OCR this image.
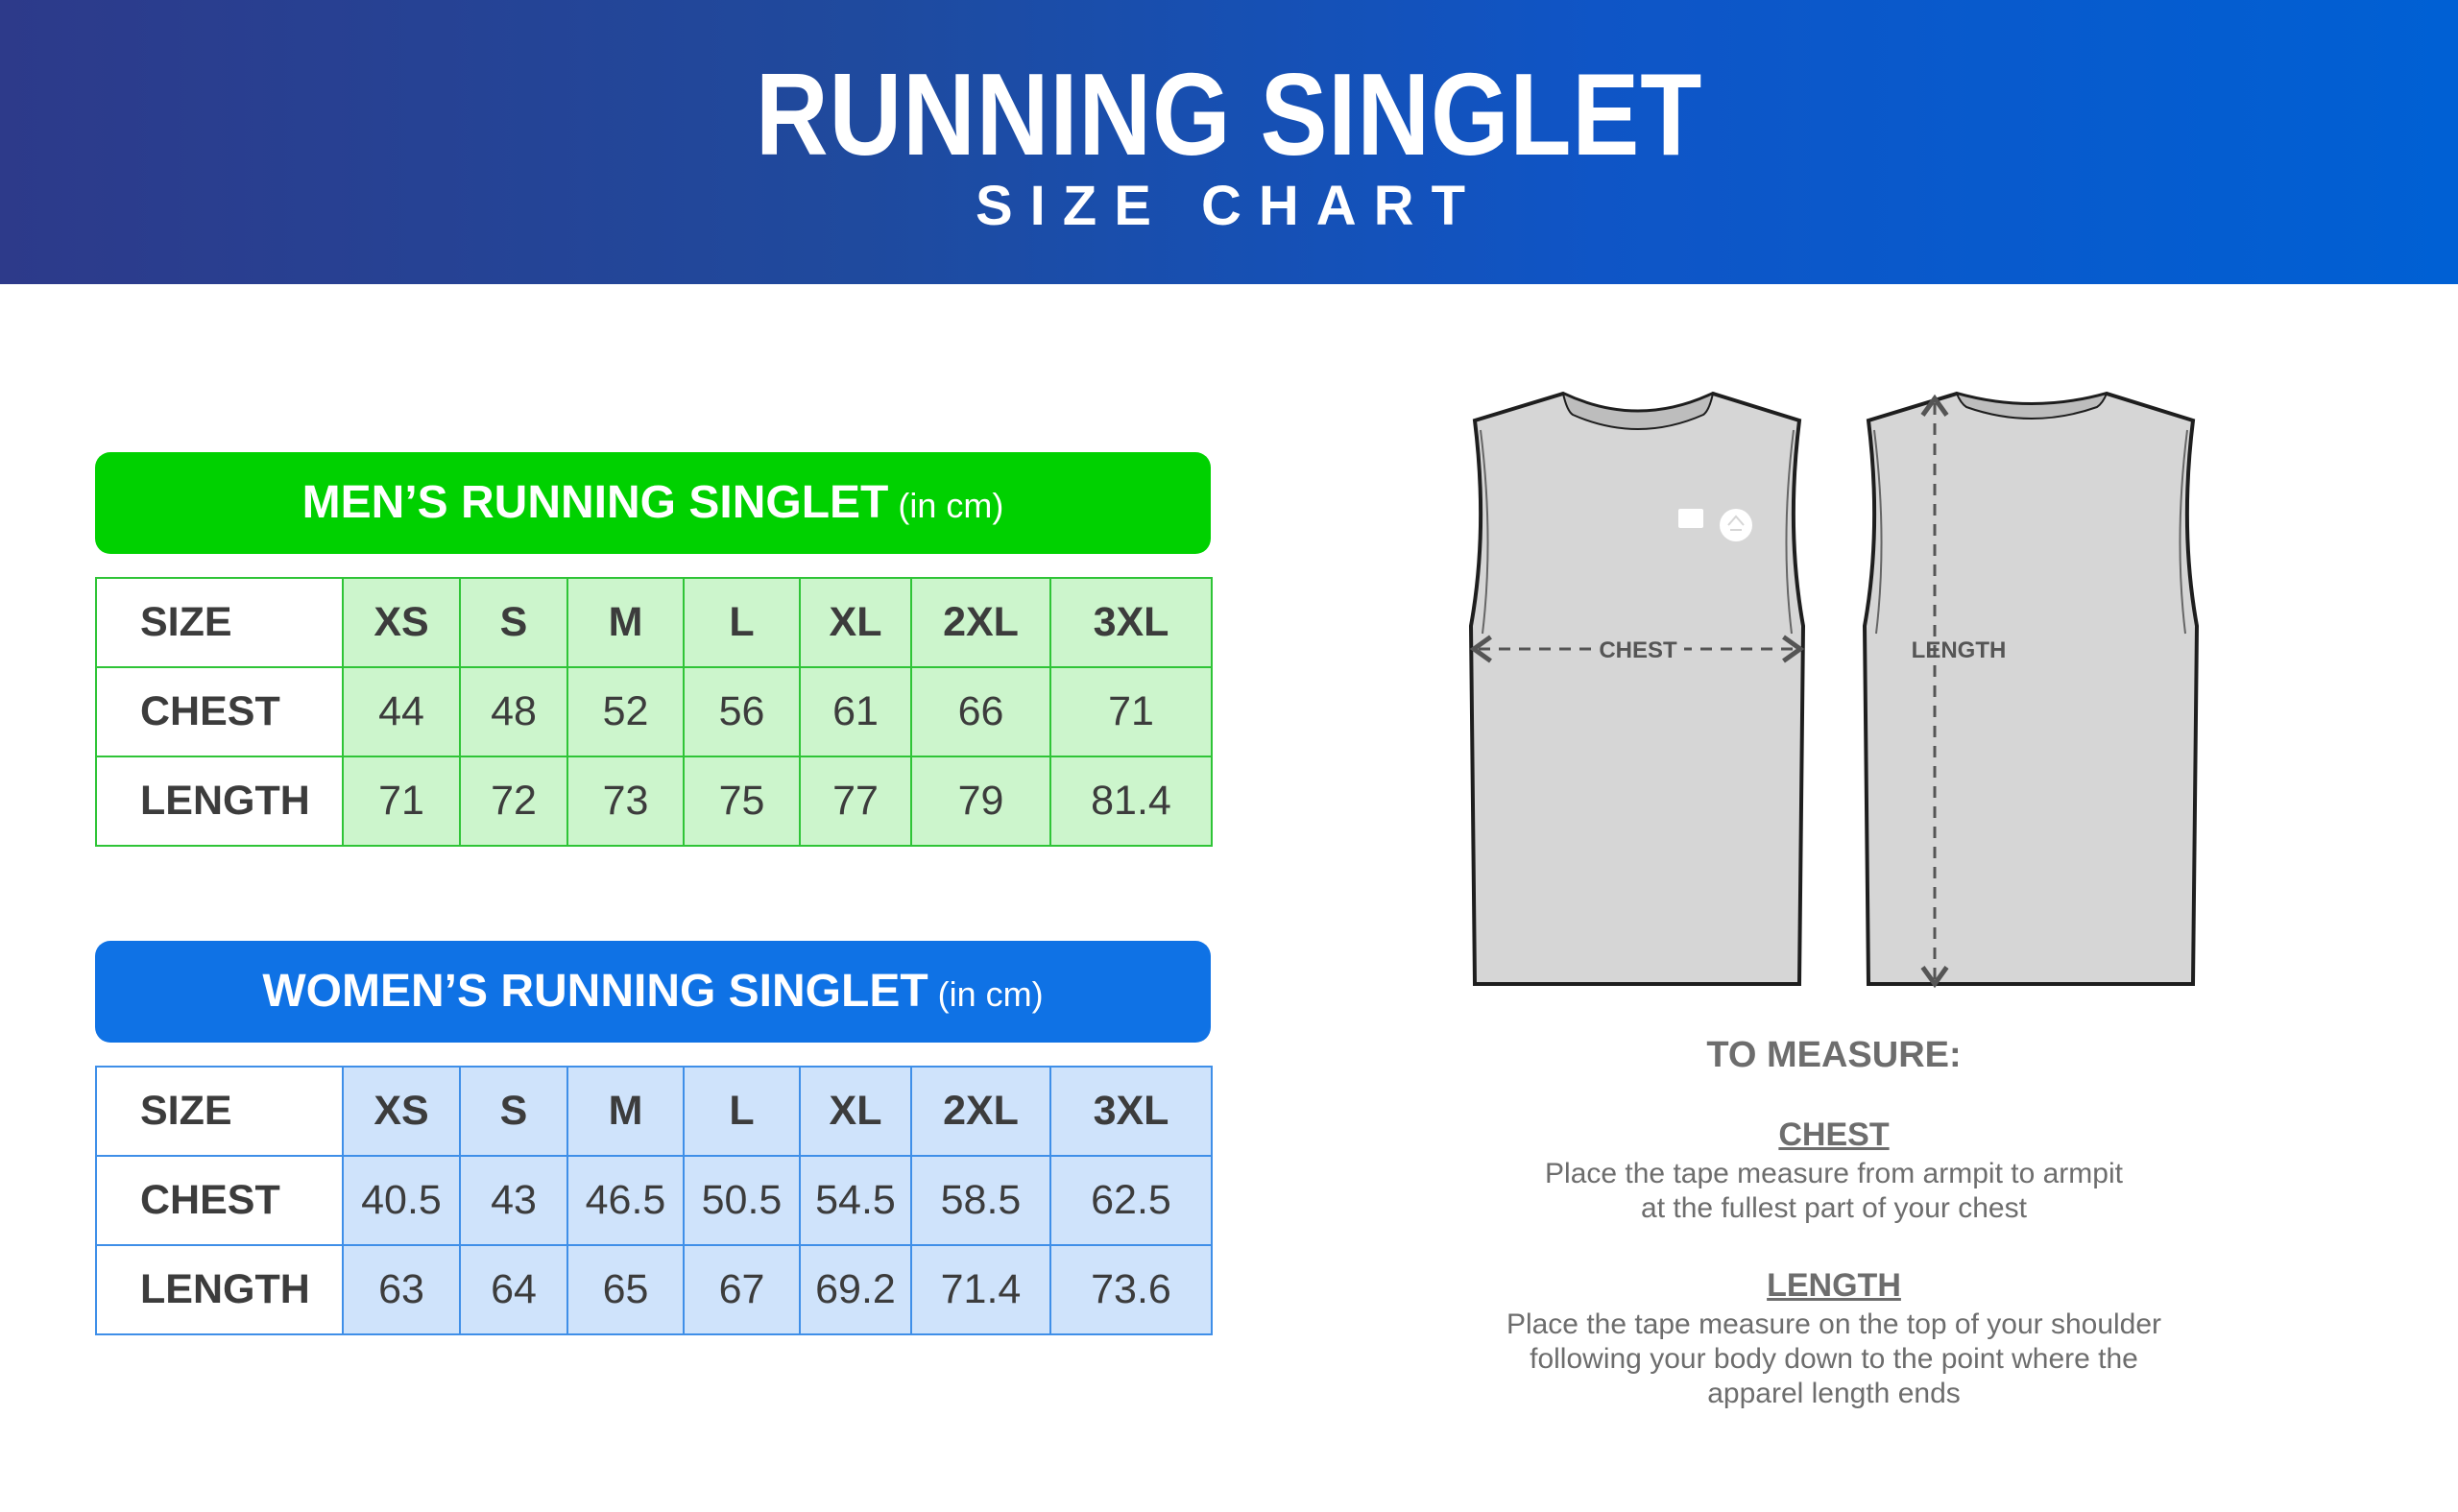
RUNNING SINGLET
SIZE CHART
MEN’S RUNNING SINGLET (in cm)
SIZE	XS	S	M	L	XL	2XL	3XL
CHEST	44	48	52	56	61	66	71
LENGTH	71	72	73	75	77	79	81.4
WOMEN’S RUNNING SINGLET (in cm)
SIZE	XS	S	M	L	XL	2XL	3XL
CHEST	40.5	43	46.5	50.5	54.5	58.5	62.5
LENGTH	63	64	65	67	69.2	71.4	73.6
CHEST	LENGTH
TO MEASURE:
CHEST
Place the tape measure from armpit to armpit
at the fullest part of your chest
LENGTH
Place the tape measure on the top of your shoulder
following your body down to the point where the
apparel length ends
